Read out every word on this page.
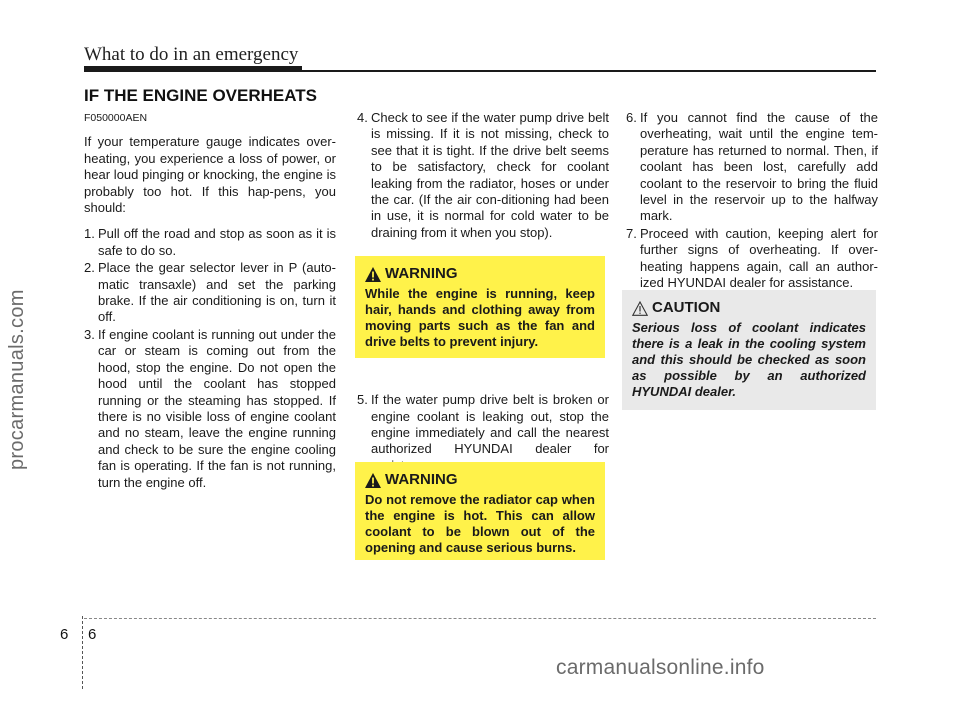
What to do in an emergency
IF THE ENGINE OVERHEATS

F050000AEN

If your temperature gauge indicates over-heating, you experience a loss of power, or hear loud pinging or knocking, the engine is probably too hot. If this hap-pens, you should:

1. Pull off the road and stop as soon as it is safe to do so.
2. Place the gear selector lever in P (auto-matic transaxle) and set the parking brake. If the air conditioning is on, turn it off.
3. If engine coolant is running out under the car or steam is coming out from the hood, stop the engine. Do not open the hood until the coolant has stopped running or the steaming has stopped. If there is no visible loss of engine coolant and no steam, leave the engine running and check to be sure the engine cooling fan is operating. If the fan is not running, turn the engine off.
4. Check to see if the water pump drive belt is missing. If it is not missing, check to see that it is tight. If the drive belt seems to be satisfactory, check for coolant leaking from the radiator, hoses or under the car. (If the air con-ditioning had been in use, it is normal for cold water to be draining from it when you stop).
5. If the water pump drive belt is broken or engine coolant is leaking out, stop the engine immediately and call the nearest authorized HYUNDAI dealer for
WARNING
While the engine is running, keep hair, hands and clothing away from moving parts such as the fan and drive belts to prevent injury.
WARNING
Do not remove the radiator cap when the engine is hot. This can allow coolant to be blown out of the opening and cause serious burns.
6. If you cannot find the cause of the overheating, wait until the engine tem-perature has returned to normal. Then, if coolant has been lost, carefully add coolant to the reservoir to bring the fluid level in the reservoir up to the halfway mark.
7. Proceed with caution, keeping alert for further signs of overheating. If over-heating happens again, call an author-ized HYUNDAI dealer for assistance.
CAUTION
Serious loss of coolant indicates there is a leak in the cooling system and this should be checked as soon as possible by an authorized HYUNDAI dealer.
6 6
procarmanuals.com
carmanualsonline.info
